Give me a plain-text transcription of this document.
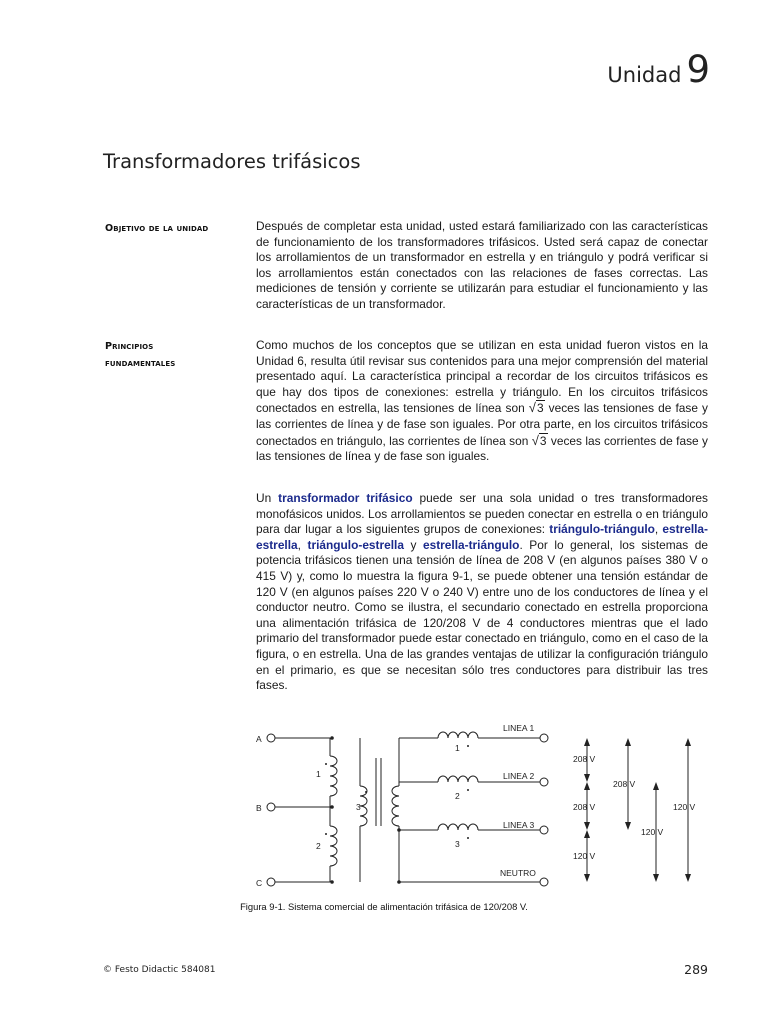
Unidad 9
Transformadores trifásicos
Objetivo de la unidad	Después de completar esta unidad, usted estará familiarizado con las características de funcionamiento de los transformadores trifásicos. Usted será capaz de conectar los arrollamientos de un transformador en estrella y en triángulo y podrá verificar si los arrollamientos están conectados con las relaciones de fases correctas. Las mediciones de tensión y corriente se utilizarán para estudiar el funcionamiento y las características de un transformador.

Principios
fundamentales

Como muchos de los conceptos que se utilizan en esta unidad fueron vistos en la Unidad 6, resulta útil revisar sus contenidos para una mejor comprensión del material presentado aquí. La característica principal a recordar de los circuitos trifásicos es que hay dos tipos de conexiones: estrella y triángulo. En los circuitos trifásicos conectados en estrella, las tensiones de línea son √3 veces las tensiones de fase y las corrientes de línea y de fase son iguales. Por otra parte, en los circuitos trifásicos conectados en triángulo, las corrientes de línea son √3 veces las corrientes de fase y las tensiones de línea y de fase son iguales.

Un transformador trifásico puede ser una sola unidad o tres transformadores monofásicos unidos. Los arrollamientos se pueden conectar en estrella o en triángulo para dar lugar a los siguientes grupos de conexiones: triángulo-triángulo, estrella-estrella, triángulo-estrella y estrella-triángulo. Por lo general, los sistemas de potencia trifásicos tienen una tensión de línea de 208 V (en algunos países 380 V o 415 V) y, como lo muestra la figura 9-1, se puede obtener una tensión estándar de 120 V (en algunos países 220 V o 240 V) entre uno de los conductores de línea y el conductor neutro. Como se ilustra, el secundario conectado en estrella proporciona una alimentación trifásica de 120/208 V de 4 conductores mientras que el lado primario del transformador puede estar conectado en triángulo, como en el caso de la figura, o en estrella. Una de las grandes ventajas de utilizar la configuración triángulo en el primario, es que se necesitan sólo tres conductores para distribuir las tres fases.

A
B
C
1
2
3
1
2
3
LINEA 1
LINEA 2
LINEA 3
NEUTRO
208 V
208 V
120 V
208 V
120 V
120 V
Figura 9-1. Sistema comercial de alimentación trifásica de 120/208 V.
© Festo Didactic 584081	289
